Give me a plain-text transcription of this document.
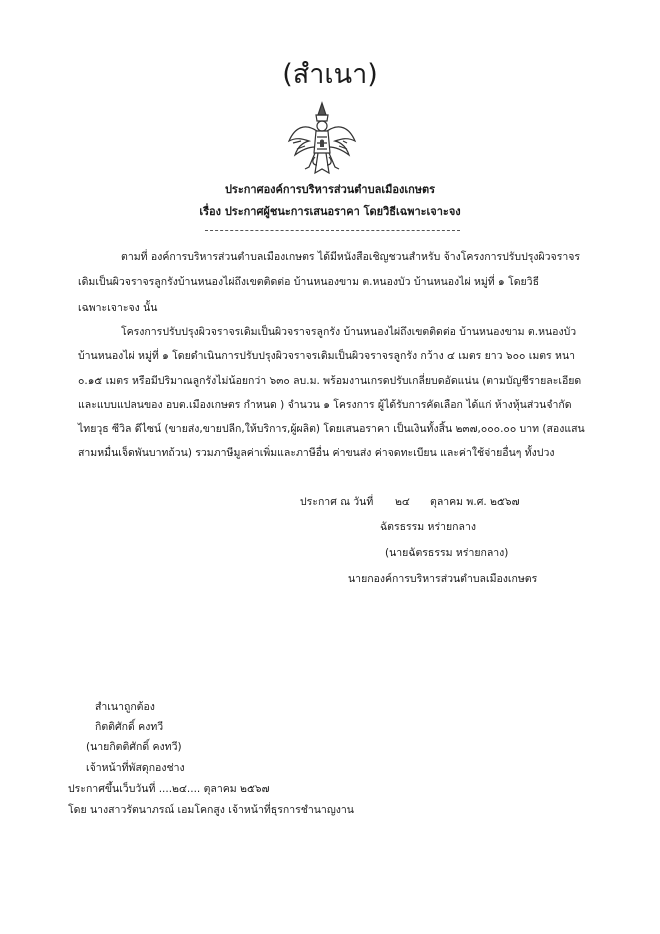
(สำเนา)
ประกาศองค์การบริหารส่วนตำบลเมืองเกษตร
เรื่อง ประกาศผู้ชนะการเสนอราคา โดยวิธีเฉพาะเจาะจง
ตามที่ องค์การบริหารส่วนตำบลเมืองเกษตร ได้มีหนังสือเชิญชวนสำหรับ จ้างโครงการปรับปรุงผิวจราจร
เดิมเป็นผิวจราจรลูกรังบ้านหนองไผ่ถึงเขตติดต่อ บ้านหนองขาม ต.หนองบัว บ้านหนองไผ่ หมู่ที่ ๑ โดยวิธี
เฉพาะเจาะจง นั้น
โครงการปรับปรุงผิวจราจรเดิมเป็นผิวจราจรลูกรัง บ้านหนองไผ่ถึงเขตติดต่อ บ้านหนองขาม ต.หนองบัว
บ้านหนองไผ่ หมู่ที่ ๑ โดยดำเนินการปรับปรุงผิวจราจรเดิมเป็นผิวจราจรลูกรัง กว้าง ๔ เมตร ยาว ๖๐๐ เมตร หนา
๐.๑๕ เมตร หรือมีปริมาณลูกรังไม่น้อยกว่า ๖๓๐ ลบ.ม. พร้อมงานเกรดปรับเกลี่ยบดอัดแน่น (ตามบัญชีรายละเอียด
และแบบแปลนของ อบต.เมืองเกษตร กำหนด ) จำนวน ๑ โครงการ ผู้ได้รับการคัดเลือก ได้แก่ ห้างหุ้นส่วนจำกัด
ไทยวุธ ซีวิล ดีไซน์ (ขายส่ง,ขายปลีก,ให้บริการ,ผู้ผลิต) โดยเสนอราคา เป็นเงินทั้งสิ้น ๒๓๗,๐๐๐.๐๐ บาท (สองแสน
สามหมื่นเจ็ดพันบาทถ้วน) รวมภาษีมูลค่าเพิ่มและภาษีอื่น ค่าขนส่ง ค่าจดทะเบียน และค่าใช้จ่ายอื่นๆ ทั้งปวง
ประกาศ ณ วันที่ ๒๔ ตุลาคม พ.ศ. ๒๕๖๗
ฉัตรธรรม หร่ายกลาง
(นายฉัตรธรรม หร่ายกลาง)
นายกองค์การบริหารส่วนตำบลเมืองเกษตร
สำเนาถูกต้อง
กิตติศักดิ์ คงทวี
(นายกิตติศักดิ์ คงทวี)
เจ้าหน้าที่พัสดุกองช่าง
ประกาศขึ้นเว็บวันที่ ....๒๔.... ตุลาคม ๒๕๖๗
โดย นางสาวรัตนาภรณ์ เอมโคกสูง เจ้าหน้าที่ธุรการชำนาญงาน
